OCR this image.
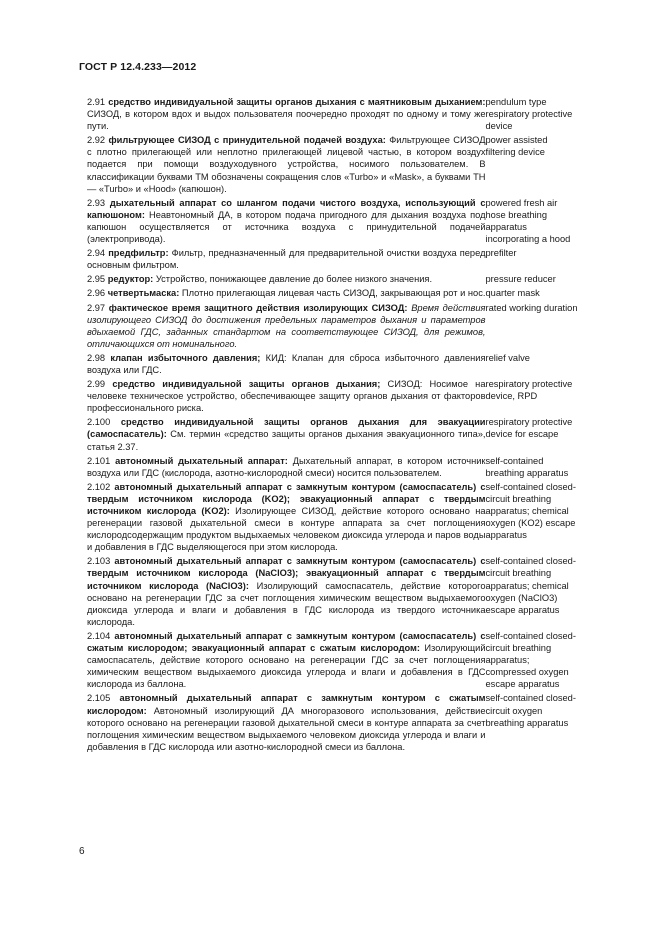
ГОСТ Р 12.4.233—2012
2.91 средство индивидуальной защиты органов дыхания с маятниковым дыханием: СИЗОД, в котором вдох и выдох пользователя поочередно проходят по одному и тому же пути.
pendulum type respiratory protective device
2.92 фильтрующее СИЗОД с принудительной подачей воздуха: Фильтрующее СИЗОД с плотно прилегающей или неплотно прилегающей лицевой частью, в котором воздух подается при помощи воздуходувного устройства, носимого пользователем. В классификации буквами ТМ обозначены сокращения слов «Turbo» и «Mask», а буквами ТН — «Turbo» и «Hood» (капюшон).
power assisted filtering device
2.93 дыхательный аппарат со шлангом подачи чистого воздуха, использующий с капюшоном: Неавтономный ДА, в котором подача пригодного для дыхания воздуха под капюшон осуществляется от источника воздуха с принудительной подачей (электропривода).
powered fresh air hose breathing apparatus incorporating a hood
2.94 предфильтр: Фильтр, предназначенный для предварительной очистки воздуха перед основным фильтром.
prefilter
2.95 редуктор: Устройство, понижающее давление до более низкого значения.	pressure reducer
2.96 четвертьмаска: Плотно прилегающая лицевая часть СИЗОД, закрывающая рот и нос. quarter mask
2.97 фактическое время защитного действия изолирующих СИЗОД: Время действия изолирующего СИЗОД до достижения предельных параметров дыхания и параметров вдыхаемой ГДС, заданных стандартом на соответствующее СИЗОД, для режимов, отличающихся от номинального.
rated working duration
2.98 клапан избыточного давления; КИД: Клапан для сброса избыточного давления воздуха или ГДС.
relief valve
2.99 средство индивидуальной защиты органов дыхания; СИЗОД: Носимое на человеке техническое устройство, обеспечивающее защиту органов дыхания от факторов профессионального риска.
respiratory protective device, RPD
2.100 средство индивидуальной защиты органов дыхания для эвакуации (самоспасатель): См. термин «средство защиты органов дыхания эвакуационного типа», статья 2.37.
respiratory protective device for escape
2.101 автономный дыхательный аппарат: Дыхательный аппарат, в котором источник воздуха или ГДС (кислорода, азотно-кислородной смеси) носится пользователем.
self-contained breathing apparatus
2.102 автономный дыхательный аппарат с замкнутым контуром (самоспасатель) с твердым источником кислорода (KO2); эвакуационный аппарат с твердым источником кислорода (KO2): Изолирующее СИЗОД, действие которого основано на регенерации газовой дыхательной смеси в контуре аппарата за счет поглощения кислородсодержащим продуктом выдыхаемых человеком диоксида углерода и паров воды и добавления в ГДС выделяющегося при этом кислорода.
self-contained closed-circuit breathing apparatus; chemical oxygen (KO2) escape apparatus
2.103 автономный дыхательный аппарат с замкнутым контуром (самоспасатель) с твердым источником кислорода (NaClO3); эвакуационный аппарат с твердым источником кислорода (NaClO3): Изолирующий самоспасатель, действие которого основано на регенерации ГДС за счет поглощения химическим веществом выдыхаемого диоксида углерода и влаги и добавления в ГДС кислорода из твердого источника кислорода.
self-contained closed-circuit breathing apparatus; chemical oxygen (NaClO3) escape apparatus
2.104 автономный дыхательный аппарат с замкнутым контуром (самоспасатель) с сжатым кислородом; эвакуационный аппарат с сжатым кислородом: Изолирующий самоспасатель, действие которого основано на регенерации ГДС за счет поглощения химическим веществом выдыхаемого диоксида углерода и влаги и добавления в ГДС кислорода из баллона.
self-contained closed-circuit breathing apparatus; compressed oxygen escape apparatus
2.105 автономный дыхательный аппарат с замкнутым контуром с сжатым кислородом: Автономный изолирующий ДА многоразового использования, действие которого основано на регенерации газовой дыхательной смеси в контуре аппарата за счет поглощения химическим веществом выдыхаемого человеком диоксида углерода и влаги и добавления в ГДС кислорода или азотно-кислородной смеси из баллона.
self-contained closed-circuit oxygen breathing apparatus
6
